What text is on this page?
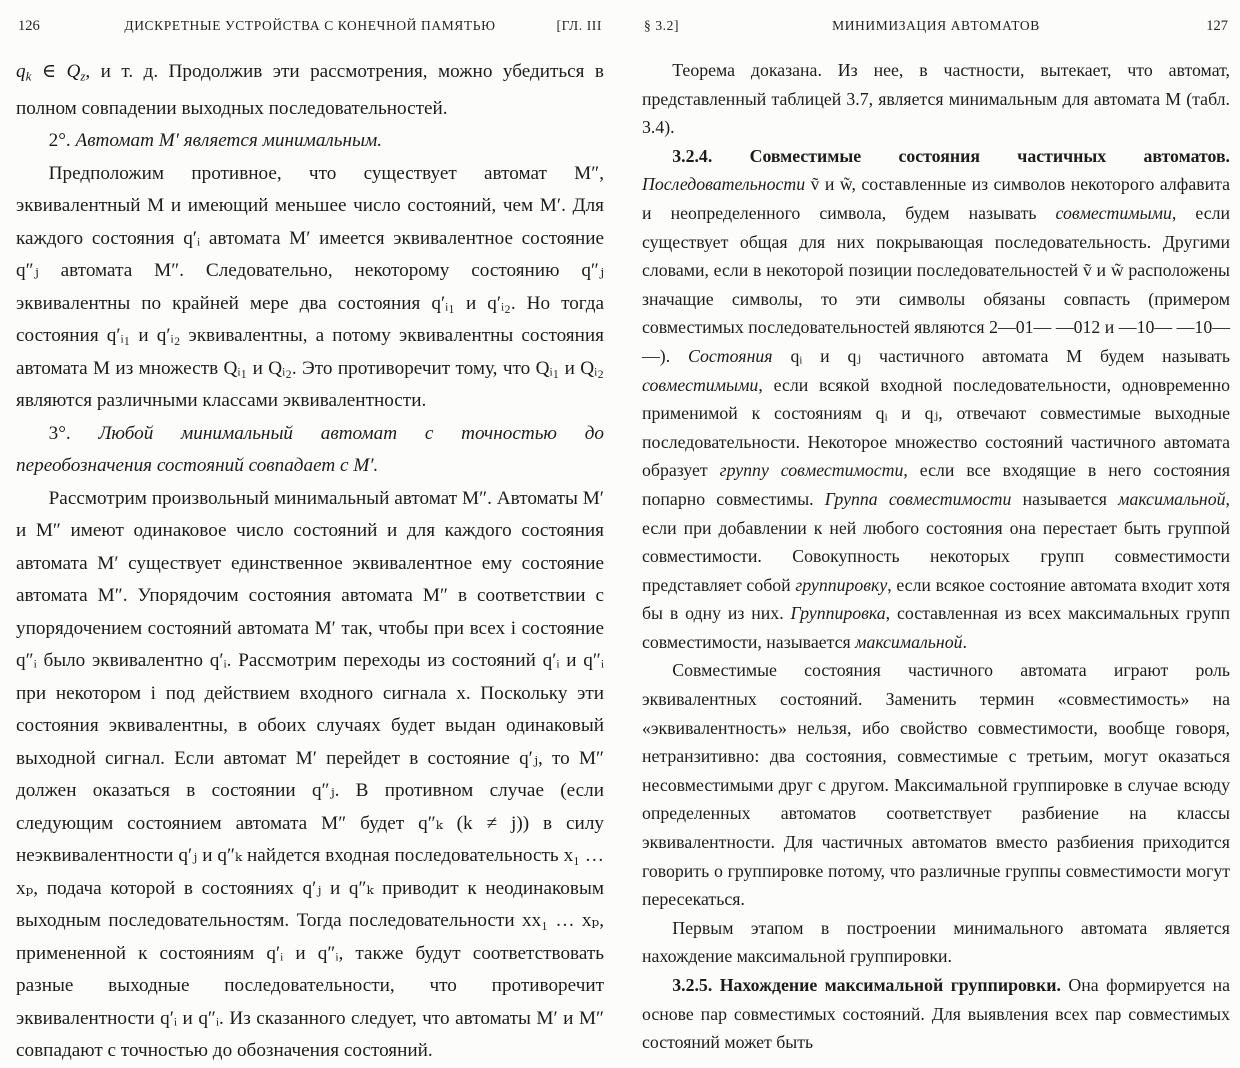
126	ДИСКРЕТНЫЕ УСТРОЙСТВА С КОНЕЧНОЙ ПАМЯТЬЮ	[ГЛ. III

qk ∈ Qz, и т. д. Продолжив эти рассмотрения, можно убедиться в полном совпадении выходных последовательностей.

2°. Автомат M′ является минимальным.

Предположим противное, что существует автомат M″, эквивалентный M и имеющий меньшее число состояний, чем M′. Для каждого состояния q′ᵢ автомата M′ имеется эквивалентное состояние q″ⱼ автомата M″. Следовательно, некоторому состоянию q″ⱼ эквивалентны по крайней мере два состояния q′ᵢ₁ и q′ᵢ₂. Но тогда состояния q′ᵢ₁ и q′ᵢ₂ эквивалентны, а потому эквивалентны состояния автомата M из множеств Qᵢ₁ и Qᵢ₂. Это противоречит тому, что Qᵢ₁ и Qᵢ₂ являются различными классами эквивалентности.

3°. Любой минимальный автомат с точностью до переобозначения состояний совпадает с M′.

Рассмотрим произвольный минимальный автомат M″. Автоматы M′ и M″ имеют одинаковое число состояний и для каждого состояния автомата M′ существует единственное эквивалентное ему состояние автомата M″. Упорядочим состояния автомата M″ в соответствии с упорядочением состояний автомата M′ так, чтобы при всех i состояние q″ᵢ было эквивалентно q′ᵢ. Рассмотрим переходы из состояний q′ᵢ и q″ᵢ при некотором i под действием входного сигнала x. Поскольку эти состояния эквивалентны, в обоих случаях будет выдан одинаковый выходной сигнал. Если автомат M′ перейдет в состояние q′ⱼ, то M″ должен оказаться в состоянии q″ⱼ. В противном случае (если следующим состоянием автомата M″ будет q″ₖ (k ≠ j)) в силу неэквивалентности q′ⱼ и q″ₖ найдется входная последовательность x₁ … xₚ, подача которой в состояниях q′ⱼ и q″ₖ приводит к неодинаковым выходным последовательностям. Тогда последовательности xx₁ … xₚ, примененной к состояниям q′ᵢ и q″ᵢ, также будут соответствовать разные выходные последовательности, что противоречит эквивалентности q′ᵢ и q″ᵢ. Из сказанного следует, что автоматы M′ и M″ совпадают с точностью до обозначения состояний.

§ 3.2]	МИНИМИЗАЦИЯ АВТОМАТОВ	127

Теорема доказана. Из нее, в частности, вытекает, что автомат, представленный таблицей 3.7, является минимальным для автомата M (табл. 3.4).

3.2.4. Совместимые состояния частичных автоматов. Последовательности ṽ и w̃, составленные из символов некоторого алфавита и неопределенного символа, будем называть совместимыми, если существует общая для них покрывающая последовательность. Другими словами, если в некоторой позиции последовательностей ṽ и w̃ расположены значащие символы, то эти символы обязаны совпасть (примером совместимых последовательностей являются 2—01— —012 и —10— —10— —). Состояния qᵢ и qⱼ частичного автомата M будем называть совместимыми, если всякой входной последовательности, одновременно применимой к состояниям qᵢ и qⱼ, отвечают совместимые выходные последовательности. Некоторое множество состояний частичного автомата образует группу совместимости, если все входящие в него состояния попарно совместимы. Группа совместимости называется максимальной, если при добавлении к ней любого состояния она перестает быть группой совместимости. Совокупность некоторых групп совместимости представляет собой группировку, если всякое состояние автомата входит хотя бы в одну из них. Группировка, составленная из всех максимальных групп совместимости, называется максимальной.

Совместимые состояния частичного автомата играют роль эквивалентных состояний. Заменить термин «совместимость» на «эквивалентность» нельзя, ибо свойство совместимости, вообще говоря, нетранзитивно: два состояния, совместимые с третьим, могут оказаться несовместимыми друг с другом. Максимальной группировке в случае всюду определенных автоматов соответствует разбиение на классы эквивалентности. Для частичных автоматов вместо разбиения приходится говорить о группировке потому, что различные группы совместимости могут пересекаться.

Первым этапом в построении минимального автомата является нахождение максимальной группировки.

3.2.5. Нахождение максимальной группировки. Она формируется на основе пар совместимых состояний. Для выявления всех пар совместимых состояний может быть
